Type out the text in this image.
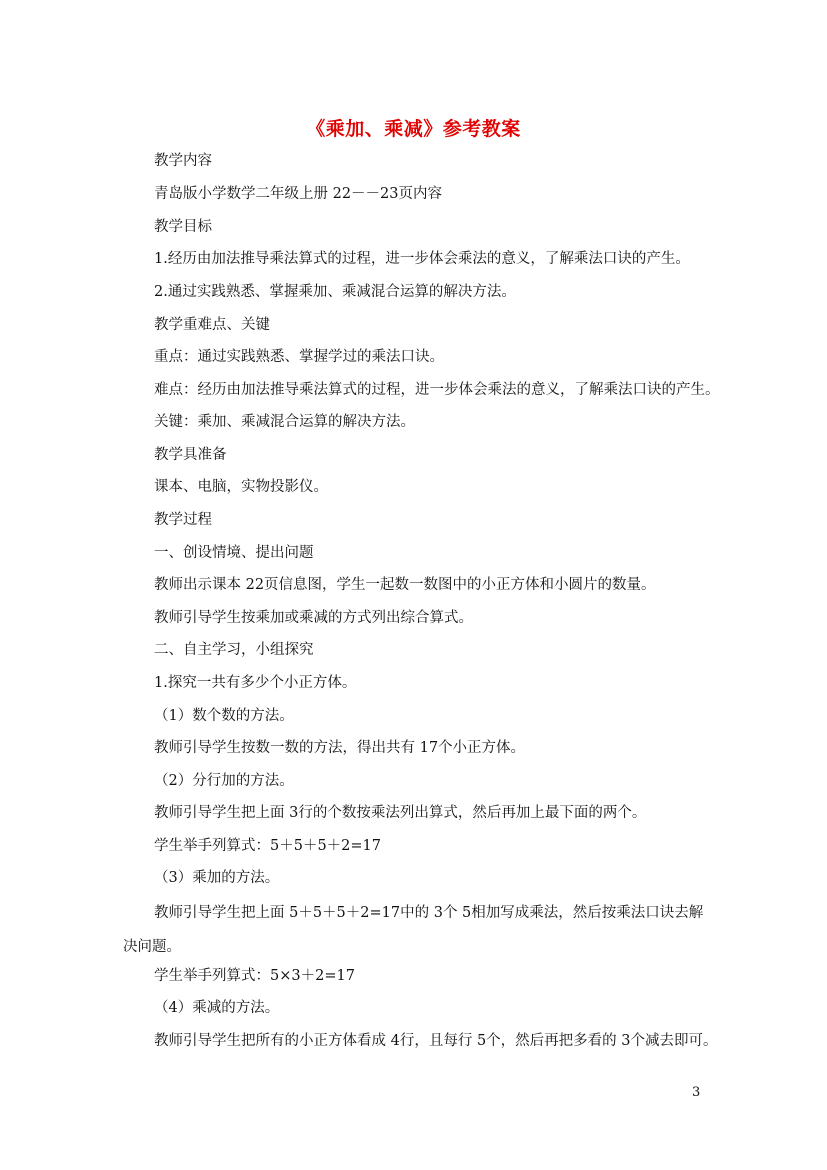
《乘加、乘减》参考教案
教学内容
青岛版小学数学二年级上册 22－－23页内容
教学目标
1.经历由加法推导乘法算式的过程，进一步体会乘法的意义，了解乘法口诀的产生。
2.通过实践熟悉、掌握乘加、乘减混合运算的解决方法。
教学重难点、关键
重点：通过实践熟悉、掌握学过的乘法口诀。
难点：经历由加法推导乘法算式的过程，进一步体会乘法的意义，了解乘法口诀的产生。
关键：乘加、乘减混合运算的解决方法。
教学具准备
课本、电脑，实物投影仪。
教学过程
一、创设情境、提出问题
教师出示课本 22页信息图，学生一起数一数图中的小正方体和小圆片的数量。
教师引导学生按乘加或乘减的方式列出综合算式。
二、自主学习，小组探究
1.探究一共有多少个小正方体。
（1）数个数的方法。
教师引导学生按数一数的方法，得出共有 17个小正方体。
（2）分行加的方法。
教师引导学生把上面 3行的个数按乘法列出算式，然后再加上最下面的两个。
学生举手列算式：5＋5＋5＋2=17
（3）乘加的方法。
教师引导学生把上面 5＋5＋5＋2=17中的 3个 5相加写成乘法，然后按乘法口诀去解决问题。
学生举手列算式：5×3＋2=17
（4）乘减的方法。
教师引导学生把所有的小正方体看成 4行，且每行 5个，然后再把多看的 3个减去即可。
3
